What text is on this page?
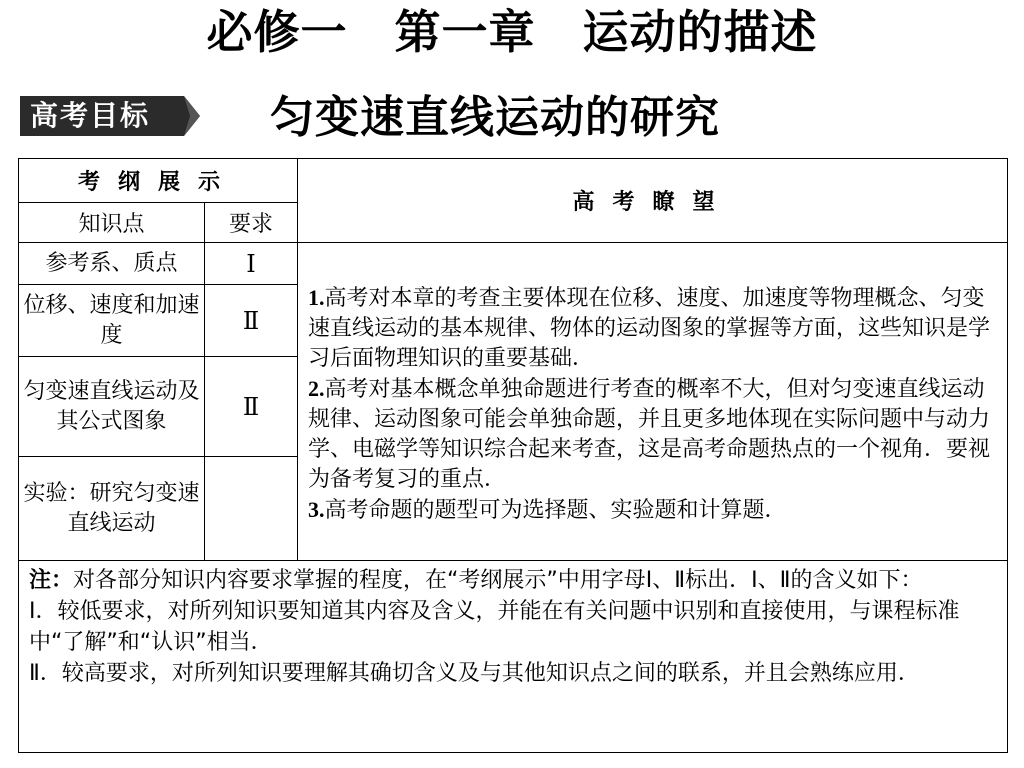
必修一　第一章　运动的描述
高考目标	匀变速直线运动的研究
考纲展示		高考瞭望
知识点	要求	
参考系、质点	Ⅰ	1.高考对本章的考查主要体现在位移、速度、加速度等物理概念、匀变速直线运动的基本规律、物体的运动图象的掌握等方面，这些知识是学习后面物理知识的重要基础．

2.高考对基本概念单独命题进行考查的概率不大，但对匀变速直线运动规律、运动图象可能会单独命题，并且更多地体现在实际问题中与动力学、电磁学等知识综合起来考查，这是高考命题热点的一个视角．要视为备考复习的重点．

3.高考命题的题型可为选择题、实验题和计算题．

位移、速度和加速度	Ⅱ	
匀变速直线运动及其公式图象	Ⅱ	
实验：研究匀变速直线运动		

注：对各部分知识内容要求掌握的程度，在“考纲展示”中用字母Ⅰ、Ⅱ标出．Ⅰ、Ⅱ的含义如下：

Ⅰ．较低要求，对所列知识要知道其内容及含义，并能在有关问题中识别和直接使用，与课程标准中“了解”和“认识”相当．

Ⅱ．较高要求，对所列知识要理解其确切含义及与其他知识点之间的联系，并且会熟练应用．		
